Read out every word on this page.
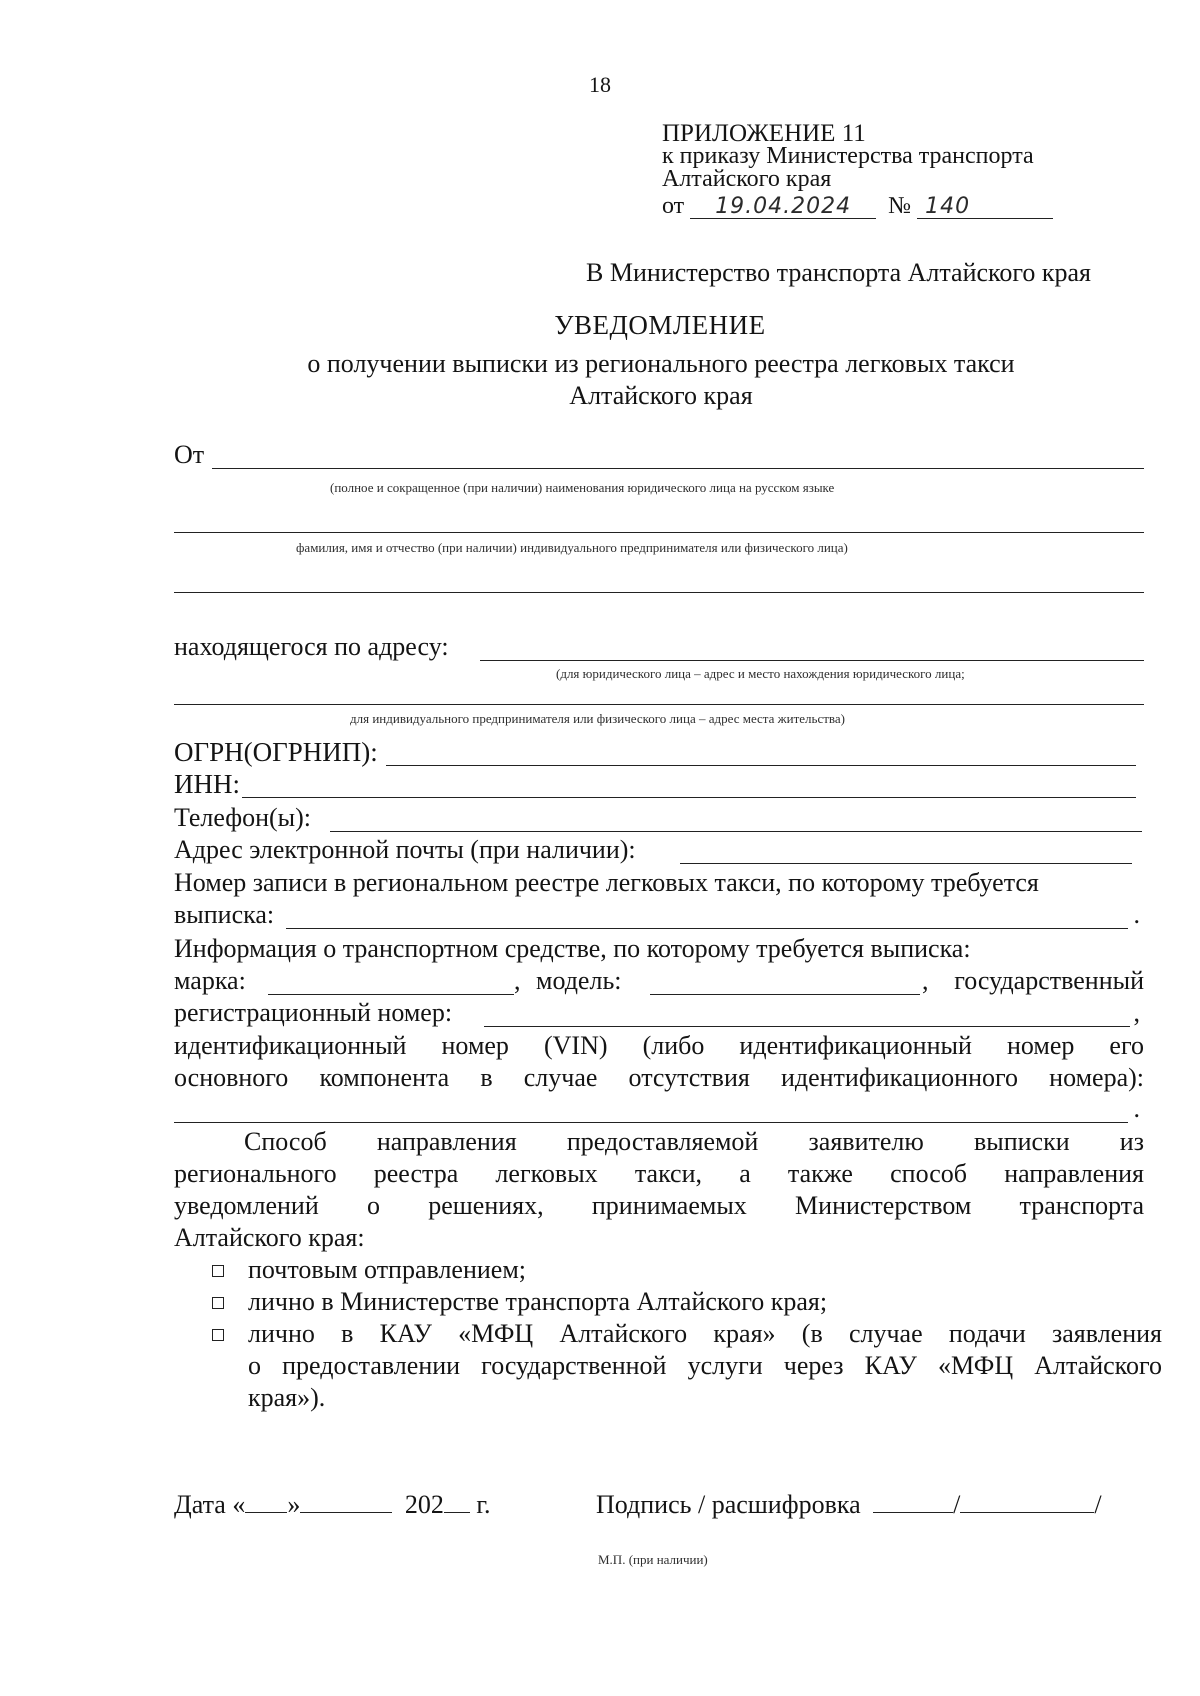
18
ПРИЛОЖЕНИЕ 11
к приказу Министерства транспорта
Алтайского края
от 19.04.2024 № 140
В Министерство транспорта Алтайского края
УВЕДОМЛЕНИЕ
о получении выписки из регионального реестра легковых такси
Алтайского края
От
(полное и сокращенное (при наличии) наименования юридического лица на русском языке
фамилия, имя и отчество (при наличии) индивидуального предпринимателя или физического лица)
находящегося по адресу:
(для юридического лица – адрес и место нахождения юридического лица;
для индивидуального предпринимателя или физического лица – адрес места жительства)
ОГРН(ОГРНИП):
ИНН:
Телефон(ы):
Адрес электронной почты (при наличии):
Номер записи в региональном реестре легковых такси, по которому требуется
выписка:	.
Информация о транспортном средстве, по которому требуется выписка:
марка:	, модель:	, государственный
регистрационный номер:	,
идентификационный номер (VIN) (либо идентификационный номер его
основного компонента в случае отсутствия идентификационного номера):
.
Способ направления предоставляемой заявителю выписки из
регионального реестра легковых такси, а также способ направления
уведомлений о решениях, принимаемых Министерством транспорта
Алтайского края:
почтовым отправлением;
лично в Министерстве транспорта Алтайского края;
лично в КАУ «МФЦ Алтайского края» (в случае подачи заявления
о предоставлении государственной услуги через КАУ «МФЦ Алтайского
края»).
Дата « »	202 г.	Подпись / расшифровка	/	/
М.П. (при наличии)
